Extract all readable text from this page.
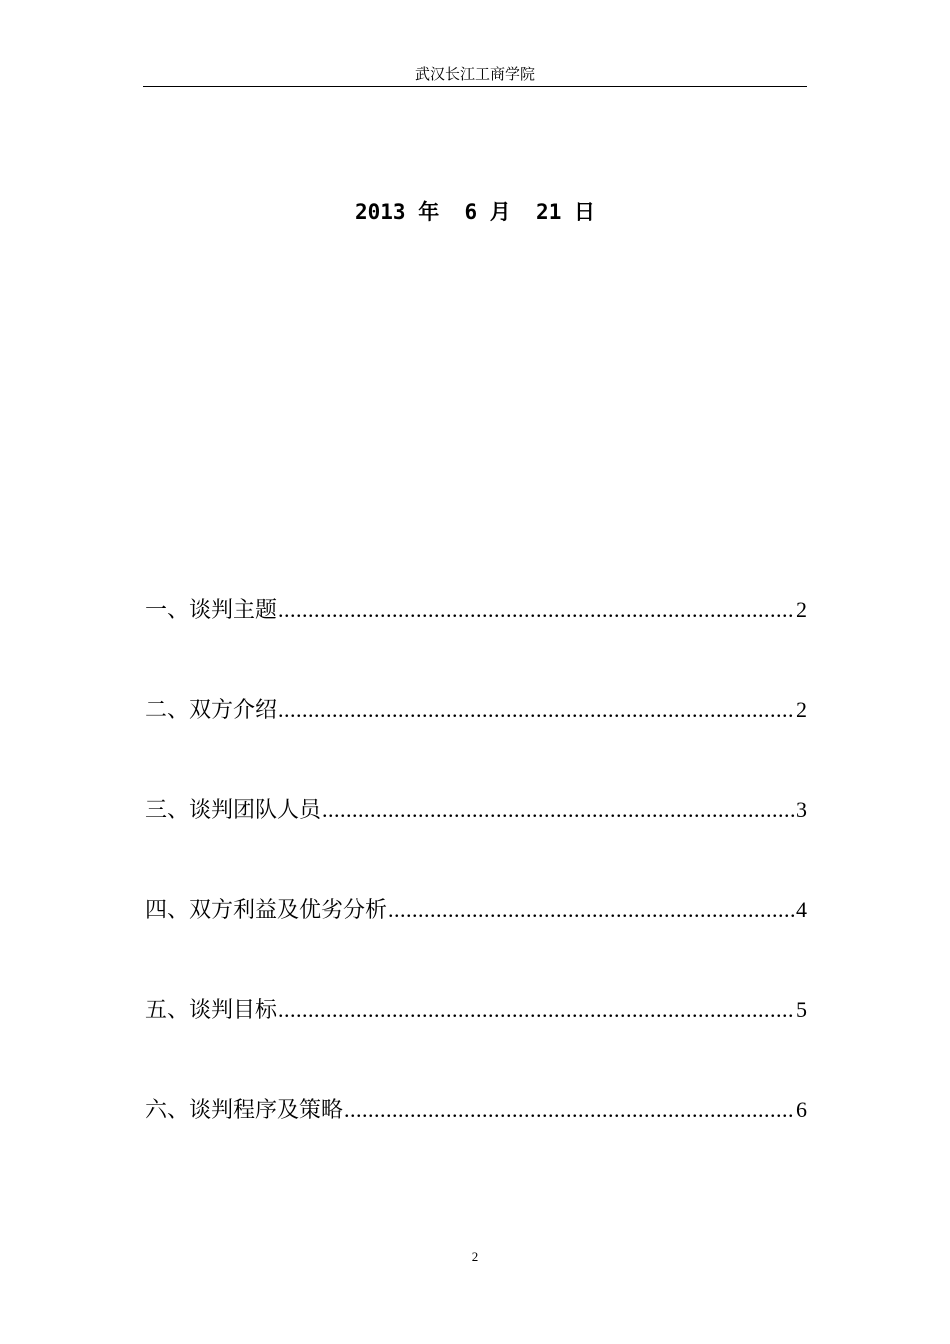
武汉长江工商学院
2013 年  6 月  21 日
一、谈判主题 .....	2
二、双方介绍 .....	2
三、谈判团队人员 .....	3
四、双方利益及优劣分析 .....	4
五、谈判目标 .....	5
六、谈判程序及策略 .....	6
2
